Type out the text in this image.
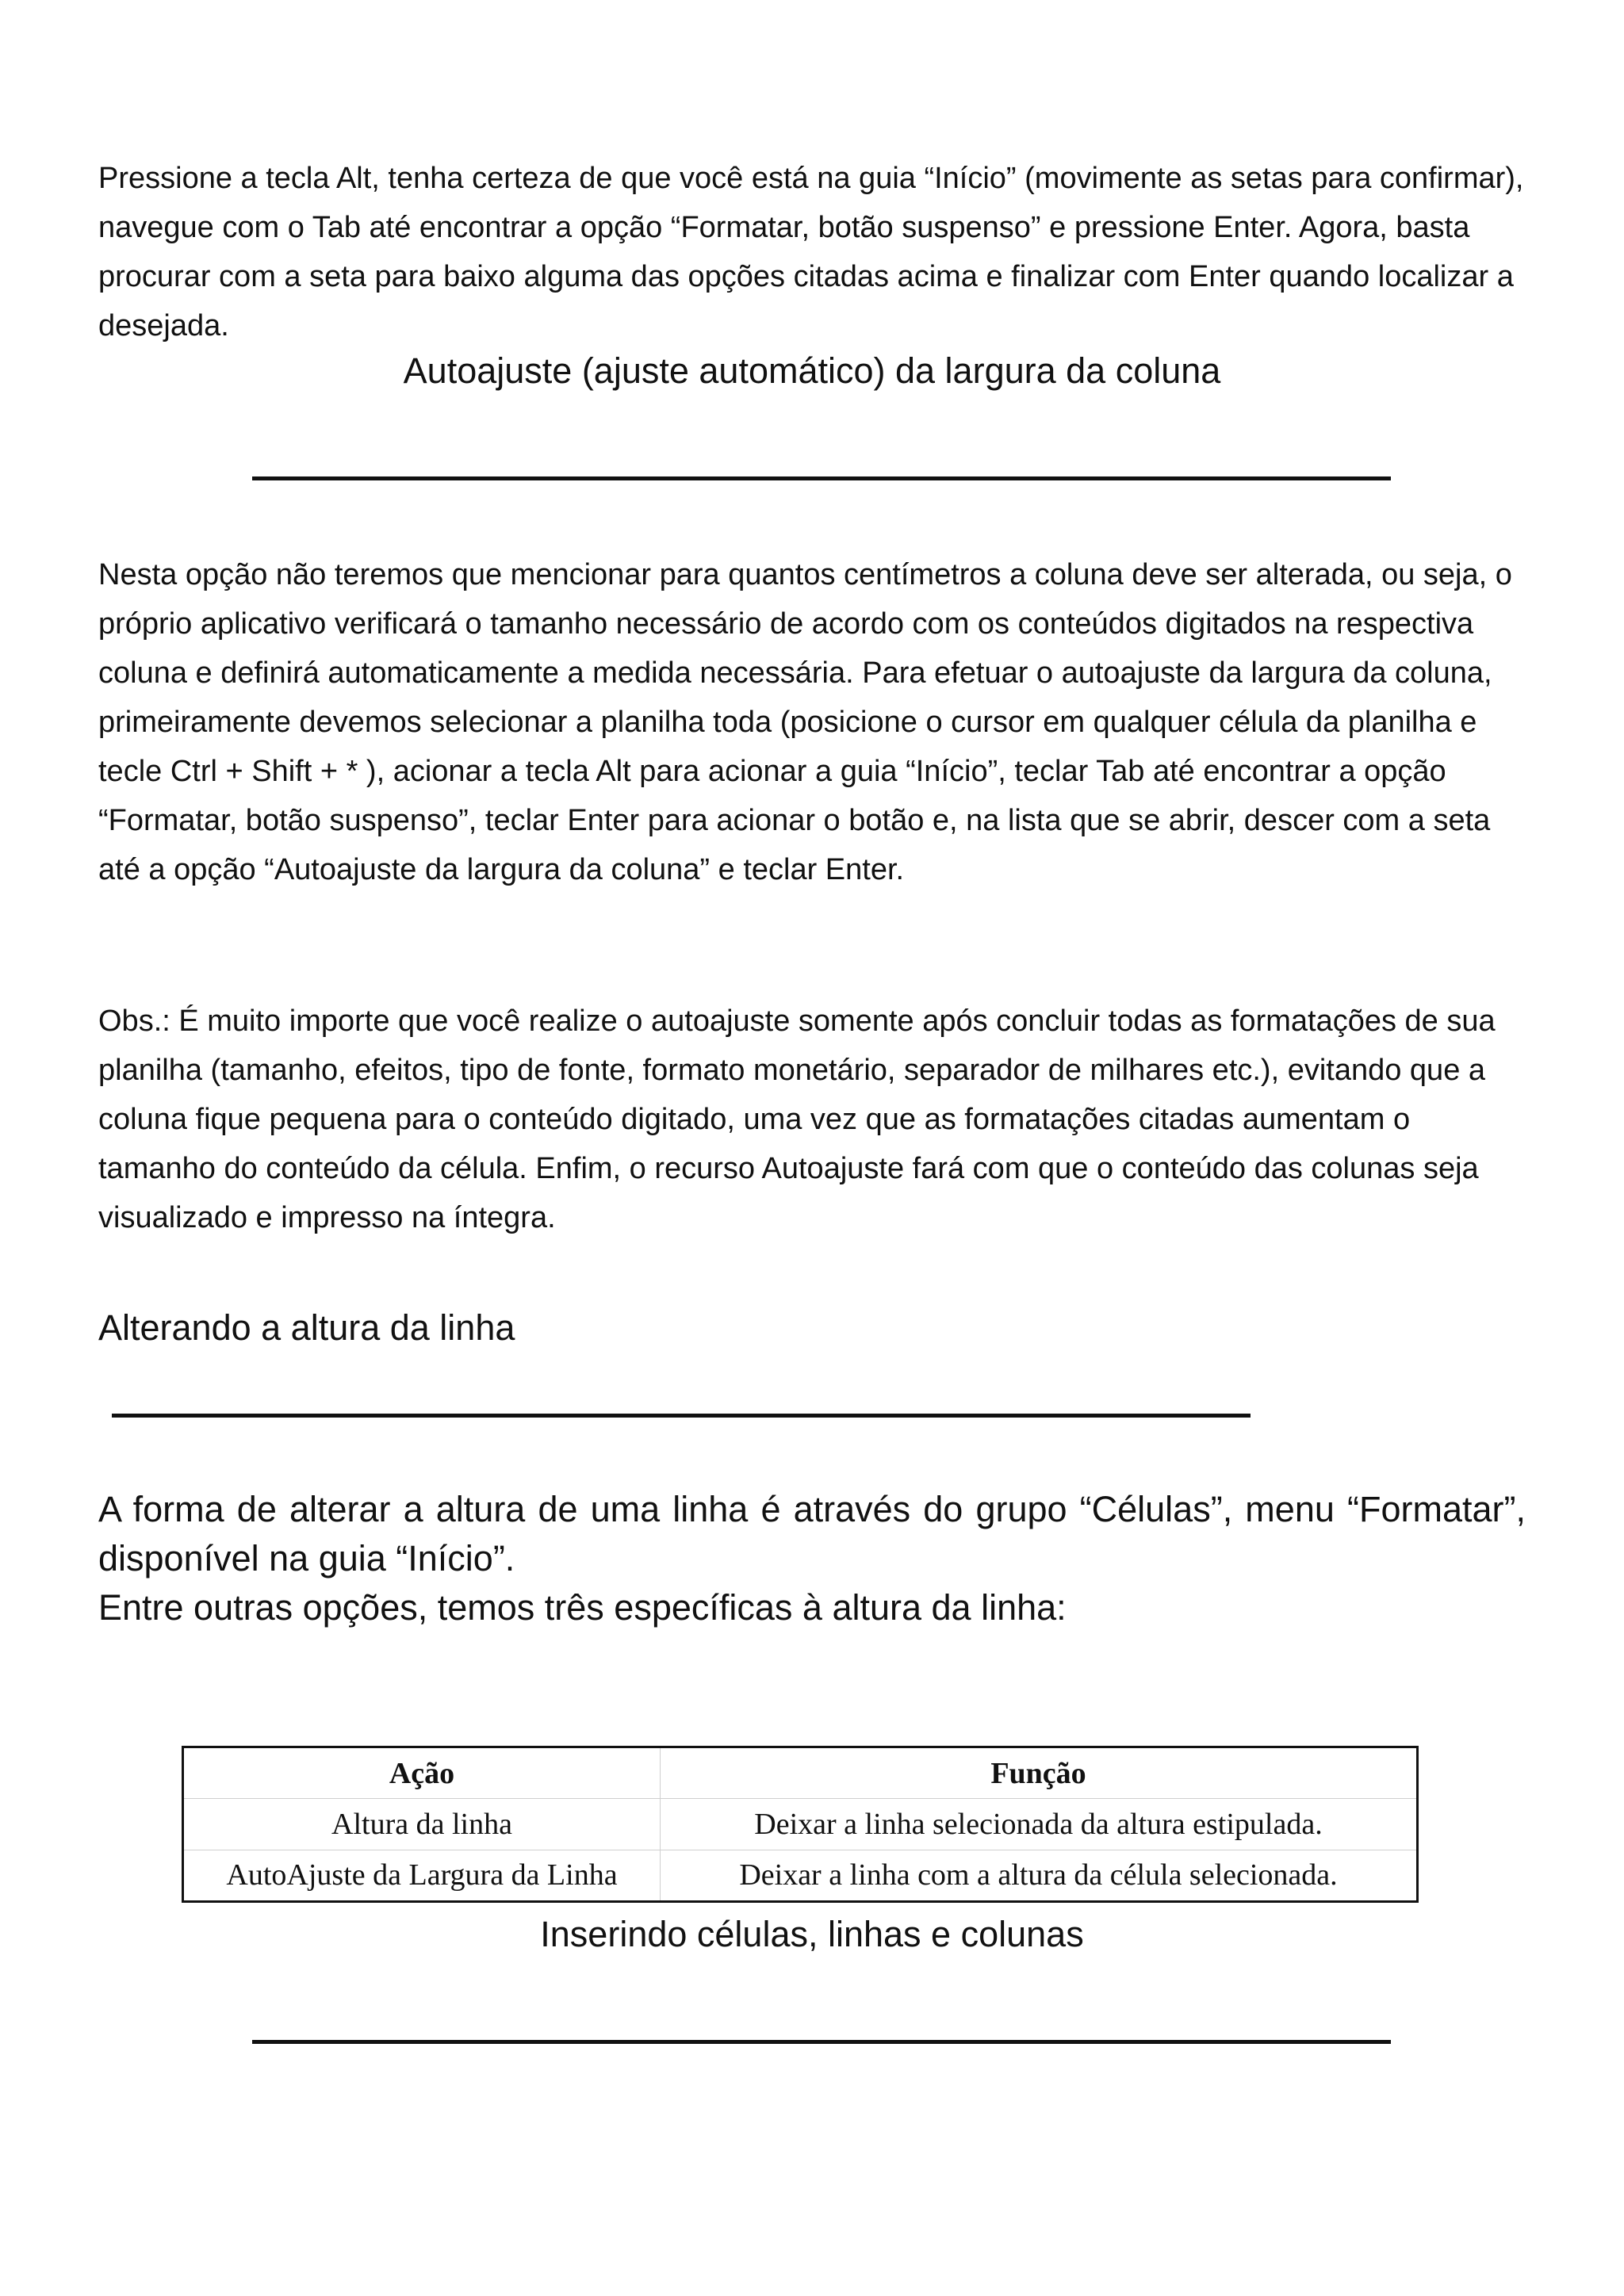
Pressione a tecla Alt, tenha certeza de que você está na guia “Início” (movimente as setas para confirmar), navegue com o Tab até encontrar a opção “Formatar, botão suspenso” e pressione Enter. Agora, basta procurar com a seta para baixo alguma das opções citadas acima e finalizar com Enter quando localizar a desejada.

Autoajuste (ajuste automático) da largura da coluna

Nesta opção não teremos que mencionar para quantos centímetros a coluna deve ser alterada, ou seja, o próprio aplicativo verificará o tamanho necessário de acordo com os conteúdos digitados na respectiva coluna e definirá automaticamente a medida necessária. Para efetuar o autoajuste da largura da coluna, primeiramente devemos selecionar a planilha toda (posicione o cursor em qualquer célula da planilha e tecle Ctrl + Shift + * ), acionar a tecla Alt para acionar a guia “Início”, teclar Tab até encontrar a opção “Formatar, botão suspenso”, teclar Enter para acionar o botão e, na lista que se abrir, descer com a seta até a opção “Autoajuste da largura da coluna” e teclar Enter.

Obs.: É muito importe que você realize o autoajuste somente após concluir todas as formatações de sua planilha (tamanho, efeitos, tipo de fonte, formato monetário, separador de milhares etc.), evitando que a coluna fique pequena para o conteúdo digitado, uma vez que as formatações citadas aumentam o tamanho do conteúdo da célula. Enfim, o recurso Autoajuste fará com que o conteúdo das colunas seja visualizado e impresso na íntegra.

Alterando a altura da linha

A forma de alterar a altura de uma linha é através do grupo “Células”, menu “Formatar”, disponível na guia “Início”.

Entre outras opções, temos três específicas à altura da linha:

Ação	Função
Altura da linha	Deixar a linha selecionada da altura estipulada.
AutoAjuste da Largura da Linha	Deixar a linha com a altura da célula selecionada.
Inserindo células, linhas e colunas
